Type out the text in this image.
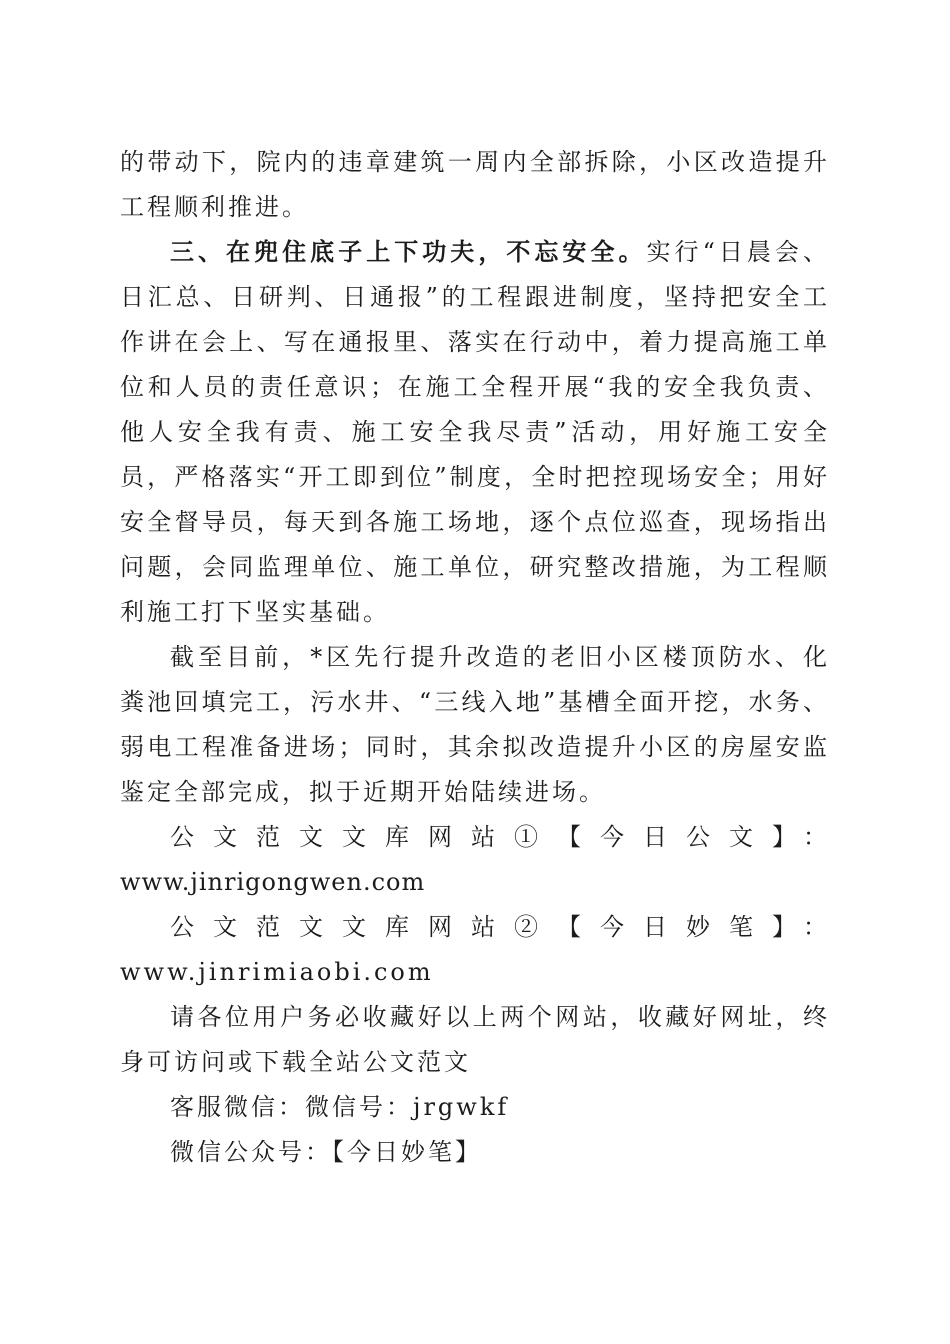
的带动下，院内的违章建筑一周内全部拆除，小区改造提升工程顺利推进。

三、在兜住底子上下功夫，不忘安全。实行“日晨会、日汇总、日研判、日通报”的工程跟进制度，坚持把安全工作讲在会上、写在通报里、落实在行动中，着力提高施工单位和人员的责任意识；在施工全程开展“我的安全我负责、他人安全我有责、施工安全我尽责”活动，用好施工安全员，严格落实“开工即到位”制度，全时把控现场安全；用好安全督导员，每天到各施工场地，逐个点位巡查，现场指出问题，会同监理单位、施工单位，研究整改措施，为工程顺利施工打下坚实基础。

截至目前，*区先行提升改造的老旧小区楼顶防水、化粪池回填完工，污水井、“三线入地”基槽全面开挖，水务、弱电工程准备进场；同时，其余拟改造提升小区的房屋安监鉴定全部完成，拟于近期开始陆续进场。

公文范文文库网站①【今日公文】：

www.jinrigongwen.com

公文范文文库网站②【今日妙笔】：www.jinrimiaobi.com

请各位用户务必收藏好以上两个网站，收藏好网址，终身可访问或下载全站公文范文

客服微信：微信号：jrgwkf

微信公众号：【今日妙笔】
